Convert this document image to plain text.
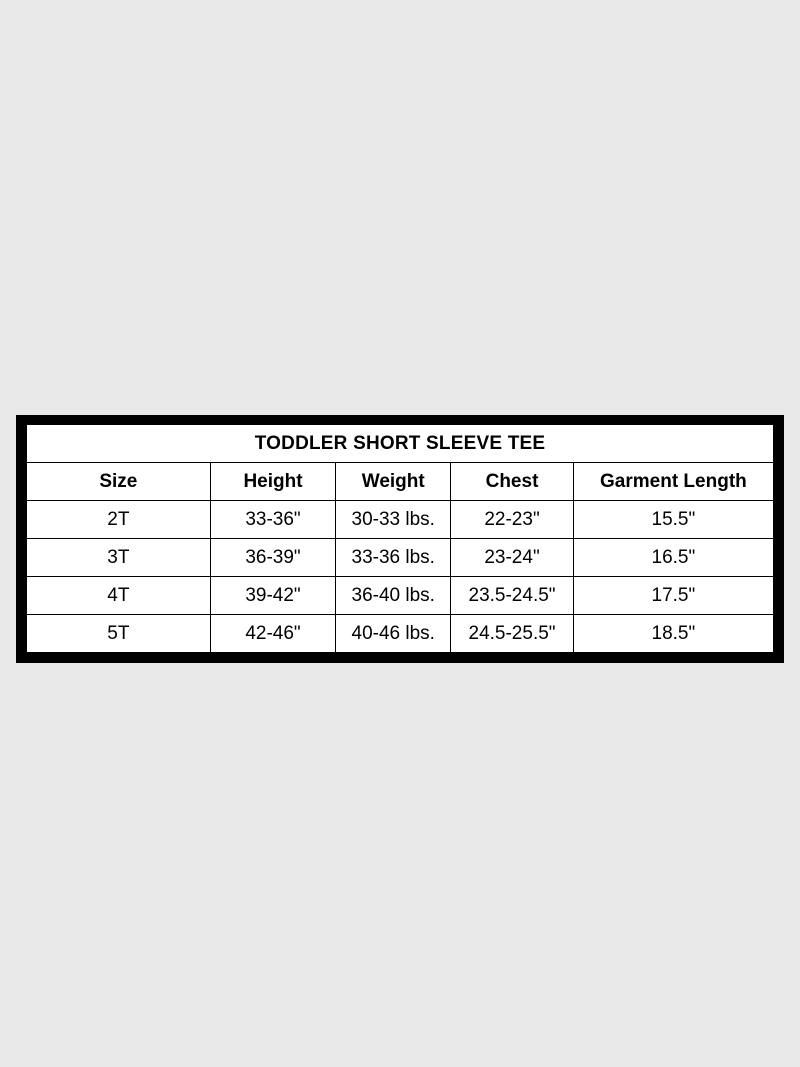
TODDLER SHORT SLEEVE TEE				
Size	Height	Weight	Chest	Garment Length
2T	33-36"	30-33 lbs.	22-23"	15.5"
3T	36-39"	33-36 lbs.	23-24"	16.5"
4T	39-42"	36-40 lbs.	23.5-24.5"	17.5"
5T	42-46"	40-46 lbs.	24.5-25.5"	18.5"
